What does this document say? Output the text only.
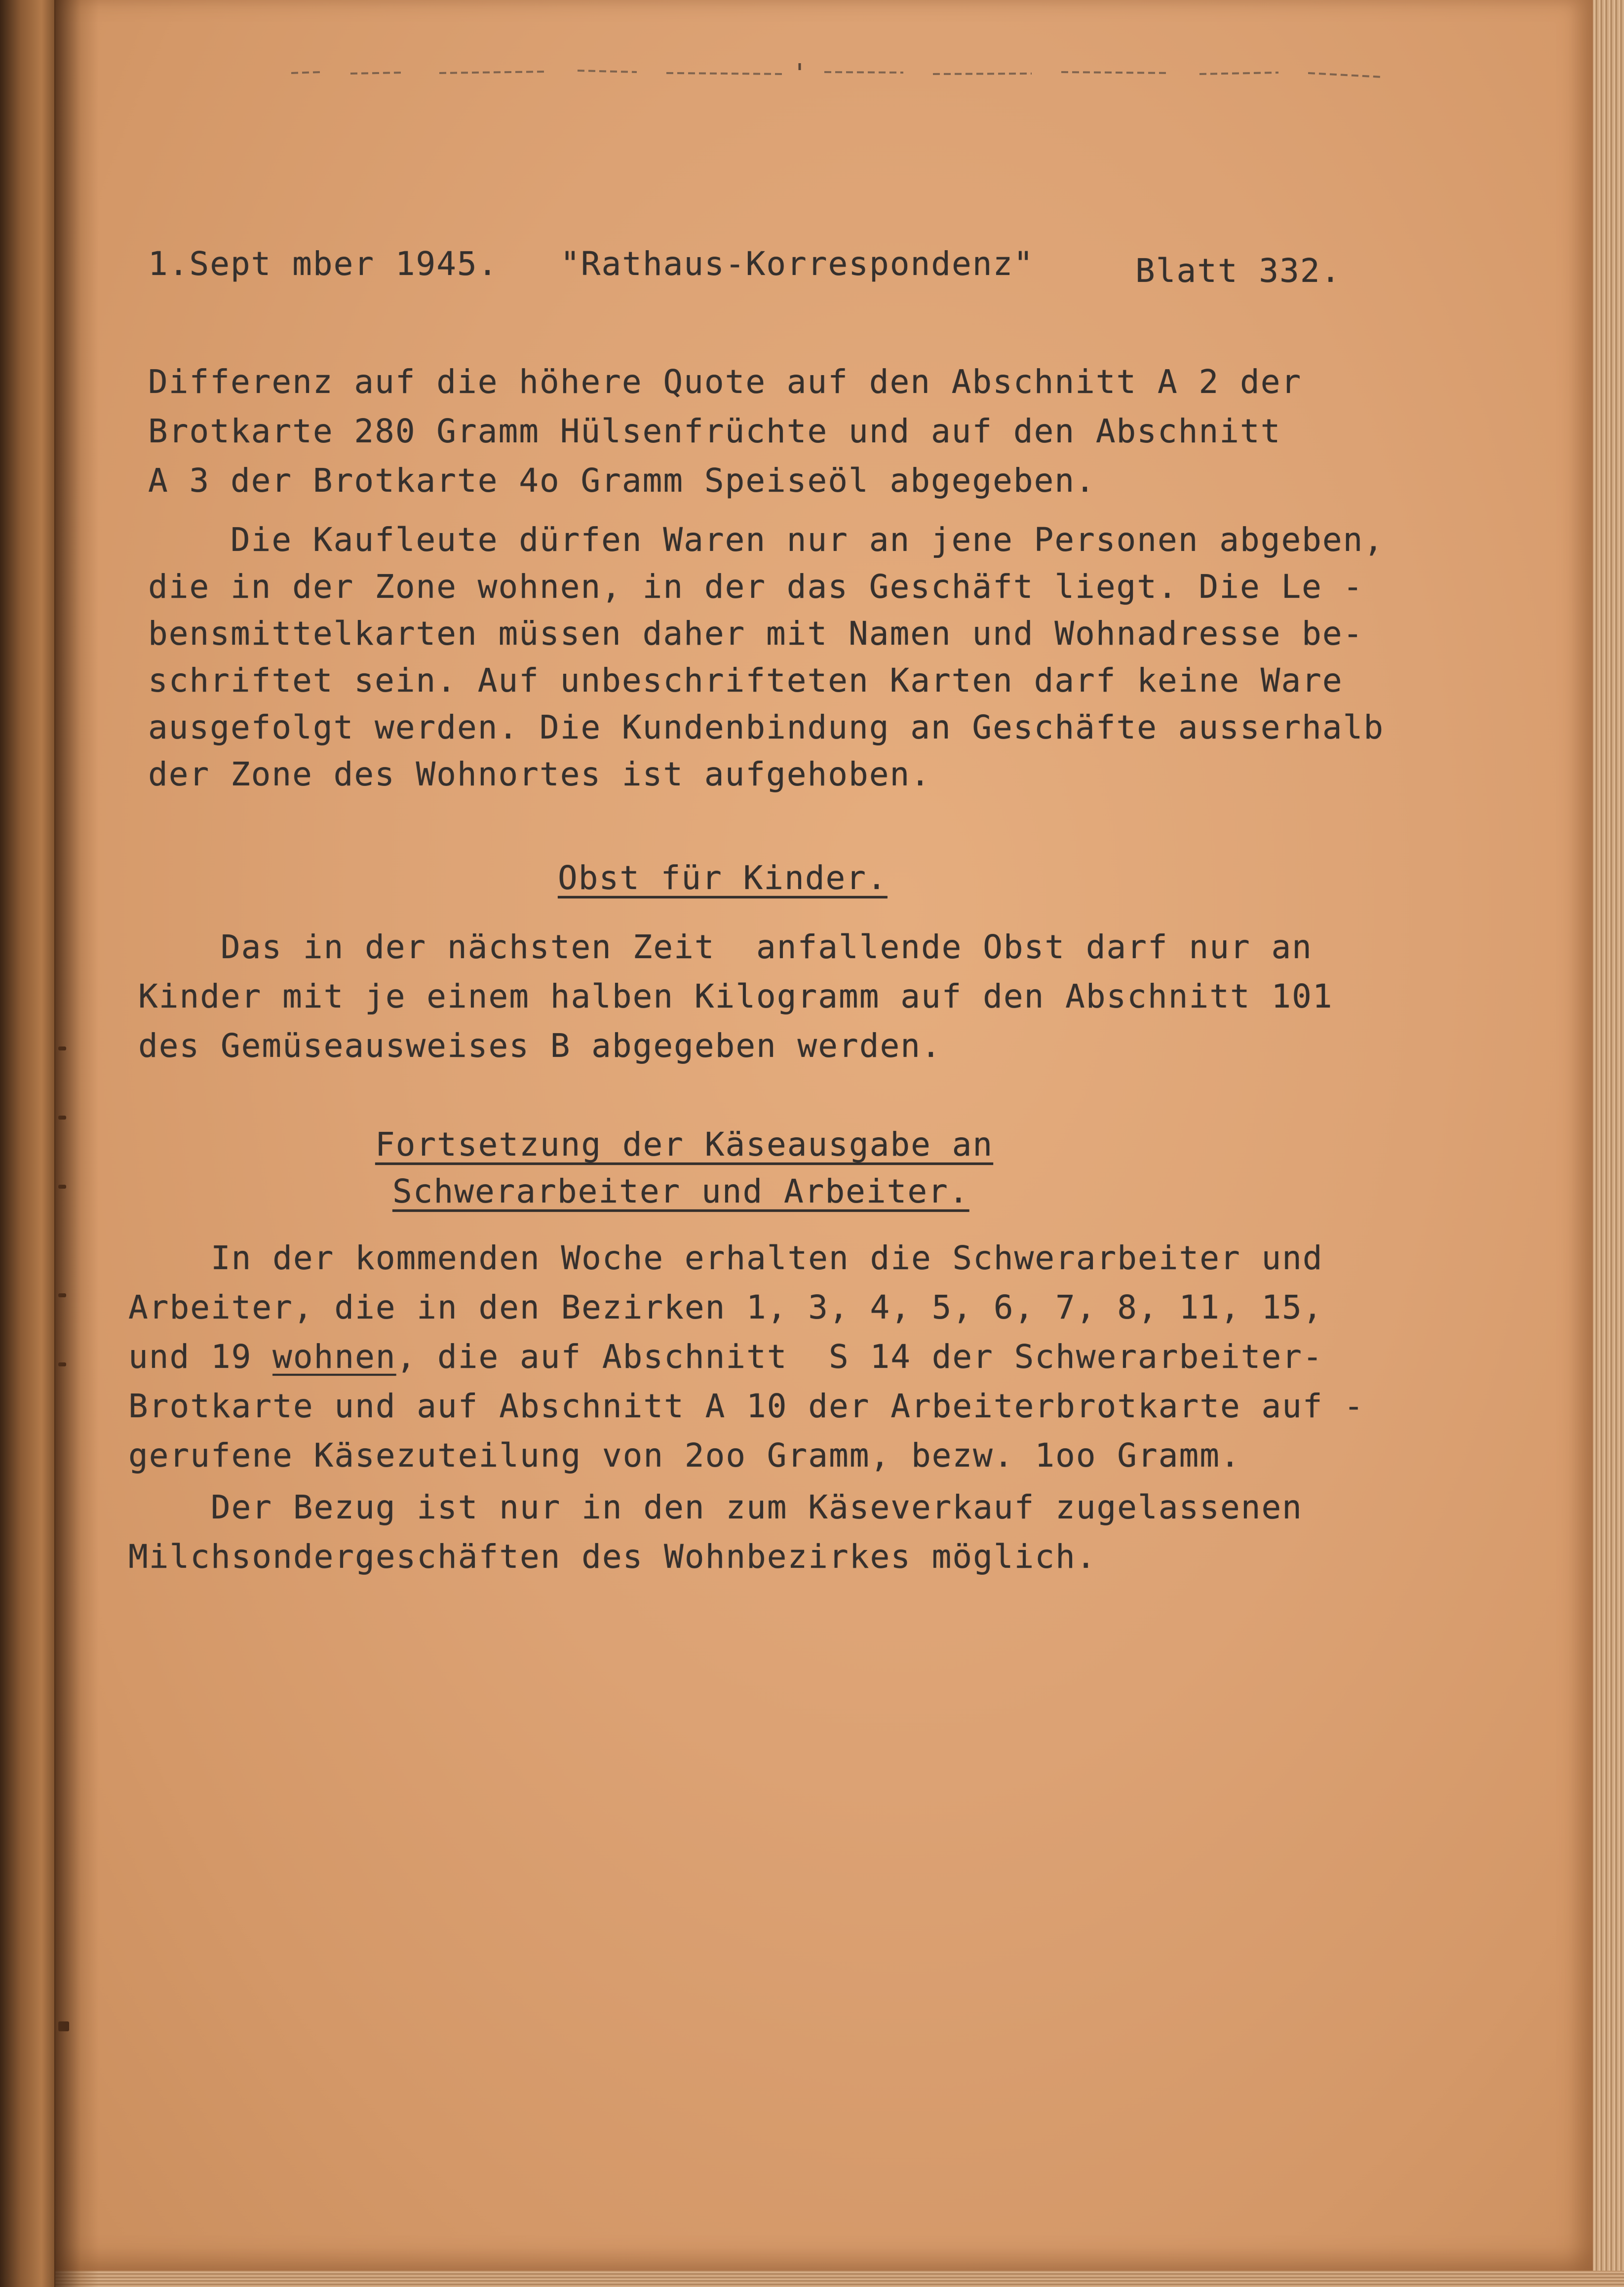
1.Sept mber 1945. "Rathaus-Korrespondenz"	Blatt 332.
Differenz auf die höhere Quote auf den Abschnitt A 2 der
Brotkarte 280 Gramm Hülsenfrüchte und auf den Abschnitt
A 3 der Brotkarte 4o Gramm Speiseöl abgegeben.
Die Kaufleute dürfen Waren nur an jene Personen abgeben,
die in der Zone wohnen, in der das Geschäft liegt. Die Le -
bensmittelkarten müssen daher mit Namen und Wohnadresse be-
schriftet sein. Auf unbeschrifteten Karten darf keine Ware
ausgefolgt werden. Die Kundenbindung an Geschäfte ausserhalb
der Zone des Wohnortes ist aufgehoben.
Obst für Kinder.
Das in der nächsten Zeit  anfallende Obst darf nur an
Kinder mit je einem halben Kilogramm auf den Abschnitt 101
des Gemüseausweises B abgegeben werden.
Fortsetzung der Käseausgabe an
Schwerarbeiter und Arbeiter.
In der kommenden Woche erhalten die Schwerarbeiter und
Arbeiter, die in den Bezirken 1, 3, 4, 5, 6, 7, 8, 11, 15,
und 19 wohnen, die auf Abschnitt  S 14 der Schwerarbeiter-
Brotkarte und auf Abschnitt A 10 der Arbeiterbrotkarte auf -
gerufene Käsezuteilung von 2oo Gramm, bezw. 1oo Gramm.
Der Bezug ist nur in den zum Käseverkauf zugelassenen
Milchsondergeschäften des Wohnbezirkes möglich.
